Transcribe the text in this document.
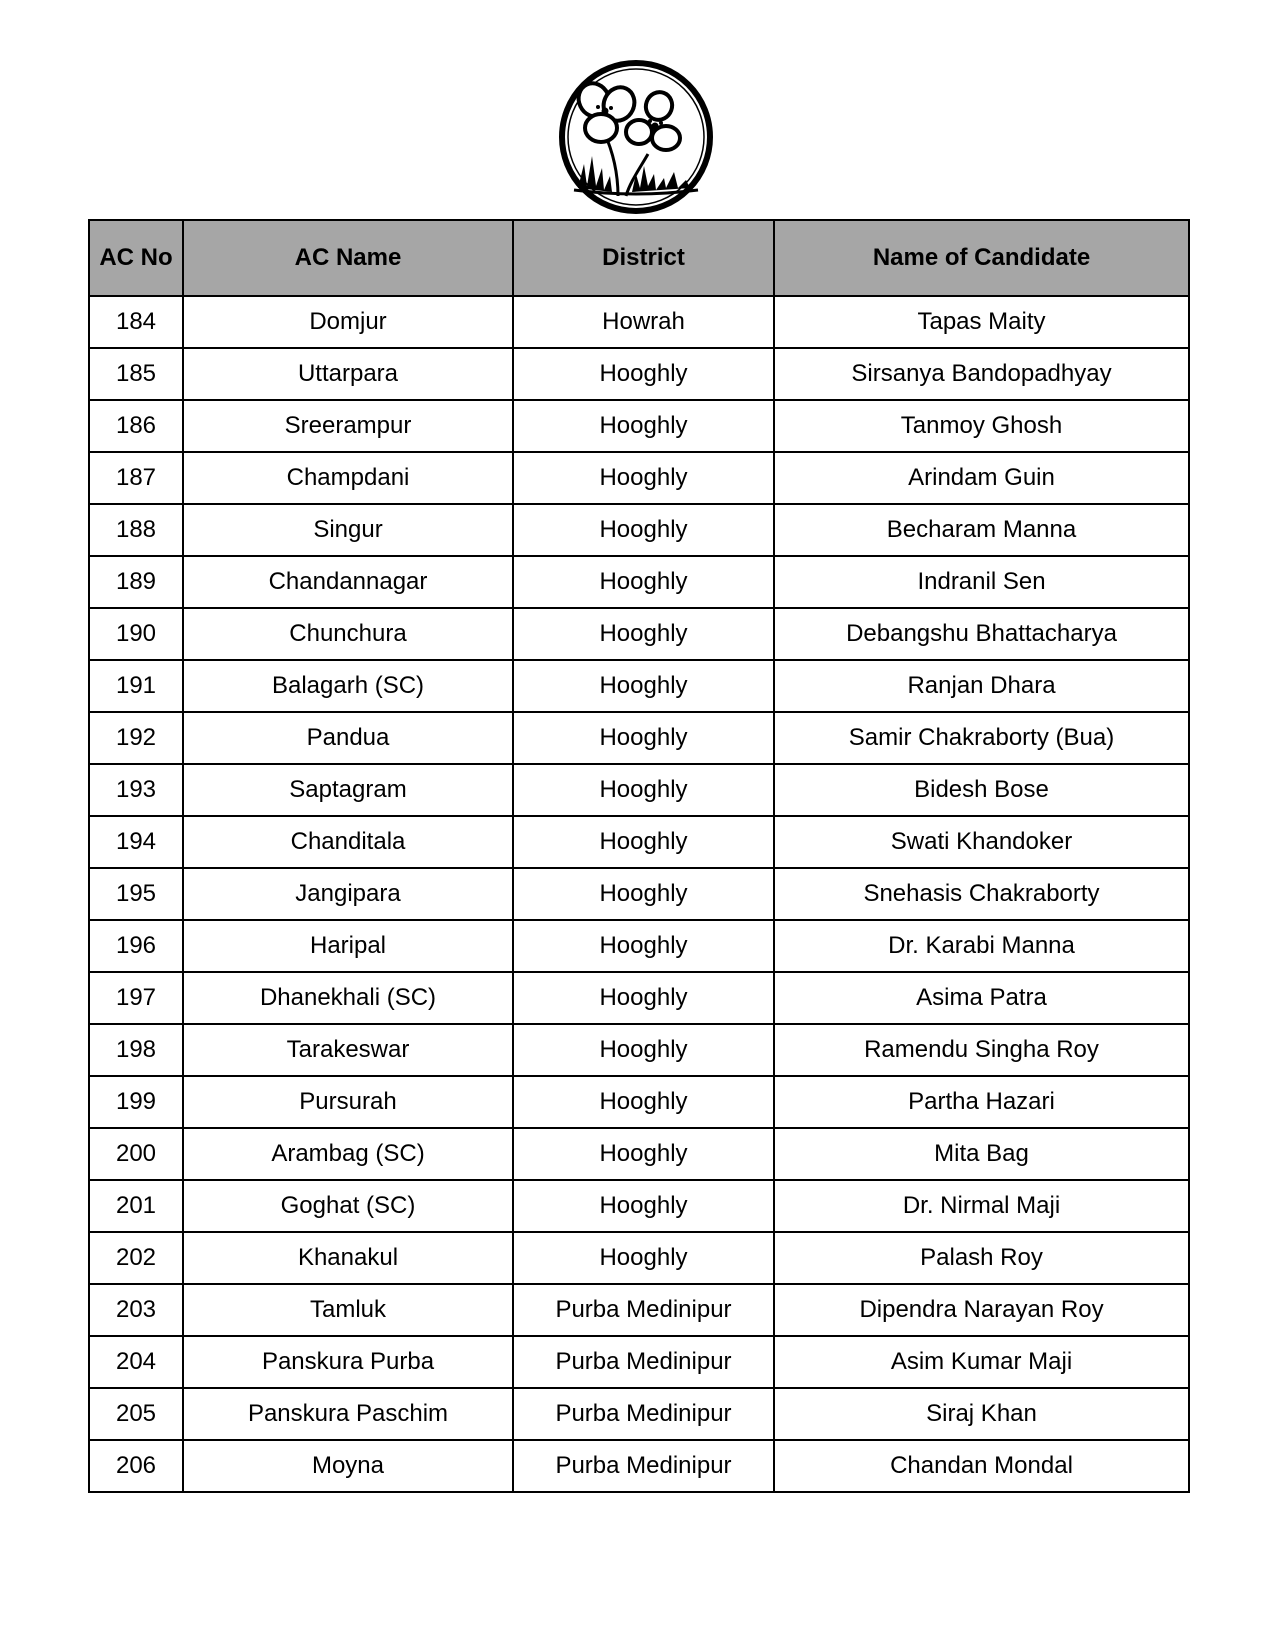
AC No	AC Name	District	Name of Candidate
184	Domjur	Howrah	Tapas Maity
185	Uttarpara	Hooghly	Sirsanya Bandopadhyay
186	Sreerampur	Hooghly	Tanmoy Ghosh
187	Champdani	Hooghly	Arindam Guin
188	Singur	Hooghly	Becharam Manna
189	Chandannagar	Hooghly	Indranil Sen
190	Chunchura	Hooghly	Debangshu Bhattacharya
191	Balagarh (SC)	Hooghly	Ranjan Dhara
192	Pandua	Hooghly	Samir Chakraborty (Bua)
193	Saptagram	Hooghly	Bidesh Bose
194	Chanditala	Hooghly	Swati Khandoker
195	Jangipara	Hooghly	Snehasis Chakraborty
196	Haripal	Hooghly	Dr. Karabi Manna
197	Dhanekhali (SC)	Hooghly	Asima Patra
198	Tarakeswar	Hooghly	Ramendu Singha Roy
199	Pursurah	Hooghly	Partha Hazari
200	Arambag (SC)	Hooghly	Mita Bag
201	Goghat (SC)	Hooghly	Dr. Nirmal Maji
202	Khanakul	Hooghly	Palash Roy
203	Tamluk	Purba Medinipur	Dipendra Narayan Roy
204	Panskura Purba	Purba Medinipur	Asim Kumar Maji
205	Panskura Paschim	Purba Medinipur	Siraj Khan
206	Moyna	Purba Medinipur	Chandan Mondal
